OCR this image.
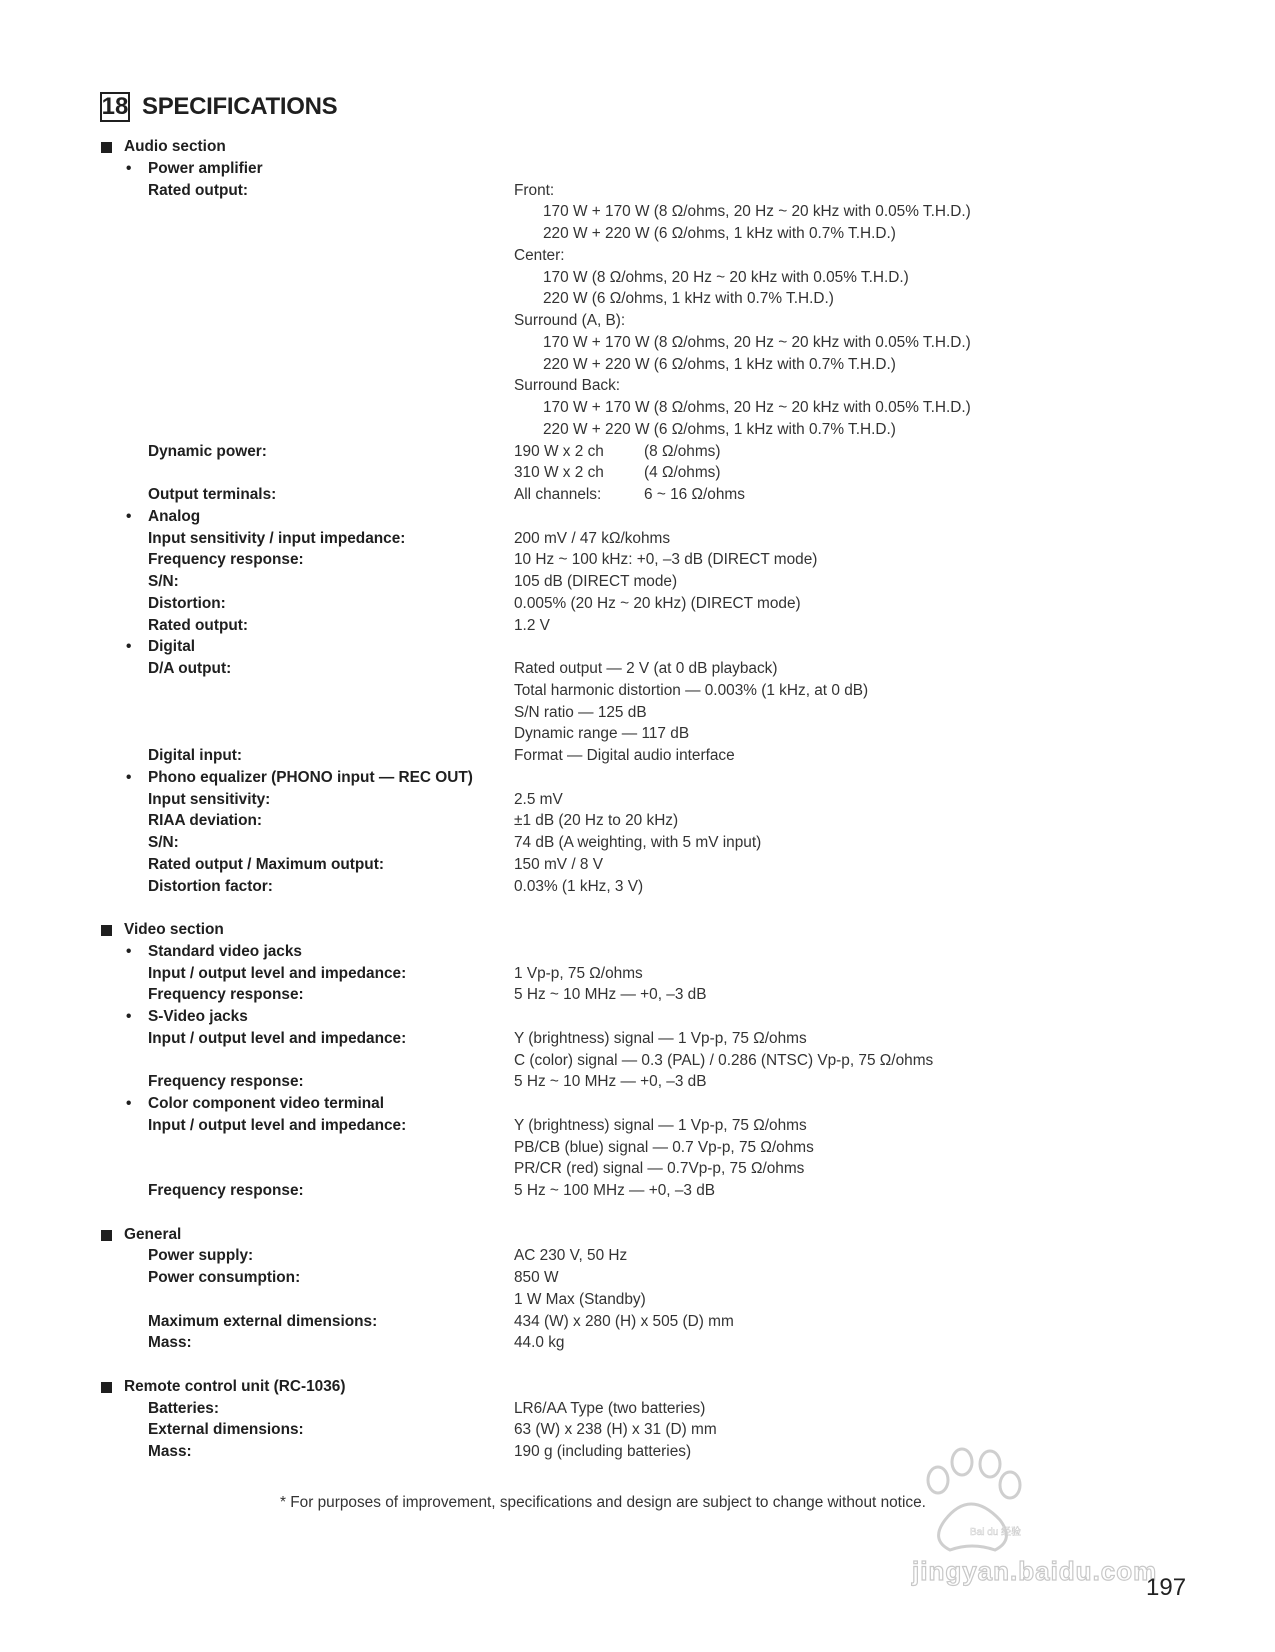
18 SPECIFICATIONS
Audio section
• Power amplifier
Rated output:	Front:
170 W + 170 W (8 Ω/ohms, 20 Hz ~ 20 kHz with 0.05% T.H.D.)
220 W + 220 W (6 Ω/ohms, 1 kHz with 0.7% T.H.D.)
Center:
170 W (8 Ω/ohms, 20 Hz ~ 20 kHz with 0.05% T.H.D.)
220 W (6 Ω/ohms, 1 kHz with 0.7% T.H.D.)
Surround (A, B):
170 W + 170 W (8 Ω/ohms, 20 Hz ~ 20 kHz with 0.05% T.H.D.)
220 W + 220 W (6 Ω/ohms, 1 kHz with 0.7% T.H.D.)
Surround Back:
170 W + 170 W (8 Ω/ohms, 20 Hz ~ 20 kHz with 0.05% T.H.D.)
220 W + 220 W (6 Ω/ohms, 1 kHz with 0.7% T.H.D.)
Dynamic power:	190 W x 2 ch	(8 Ω/ohms)
310 W x 2 ch	(4 Ω/ohms)
Output terminals:	All channels:	6 ~ 16 Ω/ohms
• Analog
Input sensitivity / input impedance:	200 mV / 47 kΩ/kohms
Frequency response:	10 Hz ~ 100 kHz: +0, –3 dB (DIRECT mode)
S/N:	105 dB (DIRECT mode)
Distortion:	0.005% (20 Hz ~ 20 kHz) (DIRECT mode)
Rated output:	1.2 V
• Digital
D/A output:	Rated output — 2 V (at 0 dB playback)
Total harmonic distortion — 0.003% (1 kHz, at 0 dB)
S/N ratio — 125 dB
Dynamic range — 117 dB
Digital input:	Format — Digital audio interface
• Phono equalizer (PHONO input — REC OUT)
Input sensitivity:	2.5 mV
RIAA deviation:	±1 dB (20 Hz to 20 kHz)
S/N:	74 dB (A weighting, with 5 mV input)
Rated output / Maximum output:	150 mV / 8 V
Distortion factor:	0.03% (1 kHz, 3 V)
Video section
• Standard video jacks
Input / output level and impedance:	1 Vp-p, 75 Ω/ohms
Frequency response:	5 Hz ~ 10 MHz — +0, –3 dB
• S-Video jacks
Input / output level and impedance:	Y (brightness) signal — 1 Vp-p, 75 Ω/ohms
C (color) signal — 0.3 (PAL) / 0.286 (NTSC) Vp-p, 75 Ω/ohms
Frequency response:	5 Hz ~ 10 MHz — +0, –3 dB
• Color component video terminal
Input / output level and impedance:	Y (brightness) signal — 1 Vp-p, 75 Ω/ohms
PB/CB (blue) signal — 0.7 Vp-p, 75 Ω/ohms
PR/CR (red) signal — 0.7Vp-p, 75 Ω/ohms
Frequency response:	5 Hz ~ 100 MHz — +0, –3 dB
General
Power supply:	AC 230 V, 50 Hz
Power consumption:	850 W
1 W Max (Standby)
Maximum external dimensions:	434 (W) x 280 (H) x 505 (D) mm
Mass:	44.0 kg
Remote control unit (RC-1036)
Batteries:	LR6/AA Type (two batteries)
External dimensions:	63 (W) x 238 (H) x 31 (D) mm
Mass:	190 g (including batteries)
* For purposes of improvement, specifications and design are subject to change without notice.
Bai du 经验
jingyan.baidu.com
197
